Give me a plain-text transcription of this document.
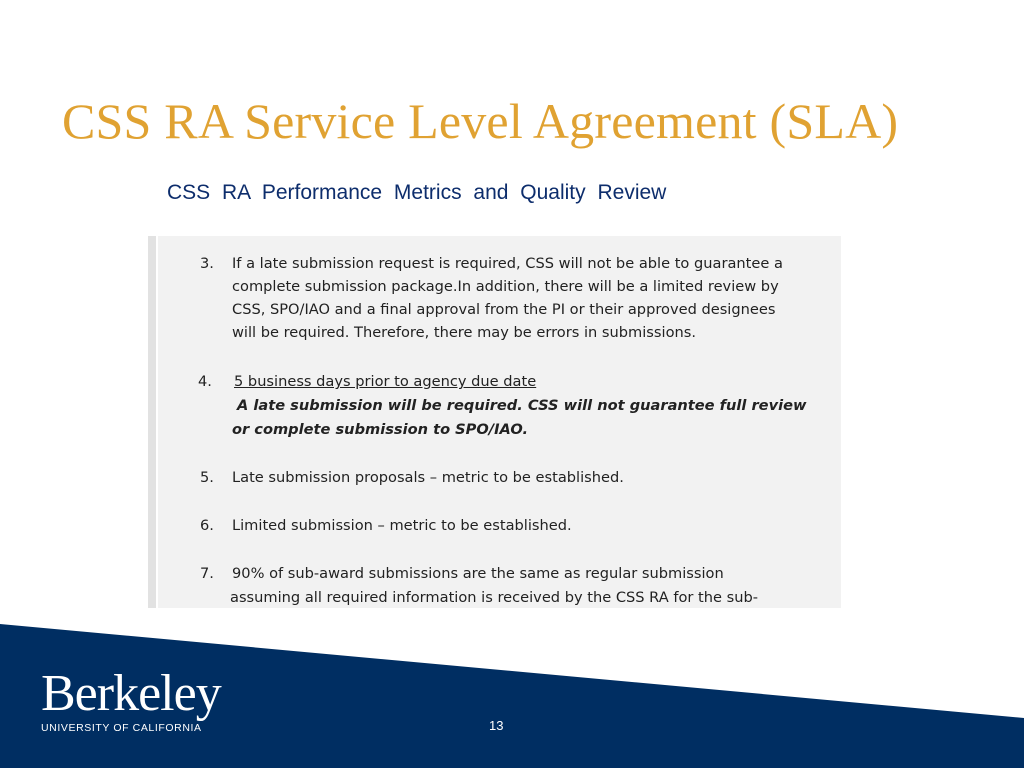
CSS RA Service Level Agreement (SLA)
CSS RA Performance Metrics and Quality Review
3. If a late submission request is required, CSS will not be able to guarantee a
complete submission package.In addition, there will be a limited review by
CSS, SPO/IAO and a final approval from the PI or their approved designees
will be required. Therefore, there may be errors in submissions.
4. 5 business days prior to agency due date
A late submission will be required. CSS will not guarantee full review
or complete submission to SPO/IAO.
5. Late submission proposals – metric to be established.
6. Limited submission – metric to be established.
7. 90% of sub-award submissions are the same as regular submission
assuming all required information is received by the CSS RA for the sub-
Berkeley
UNIVERSITY OF CALIFORNIA	13
